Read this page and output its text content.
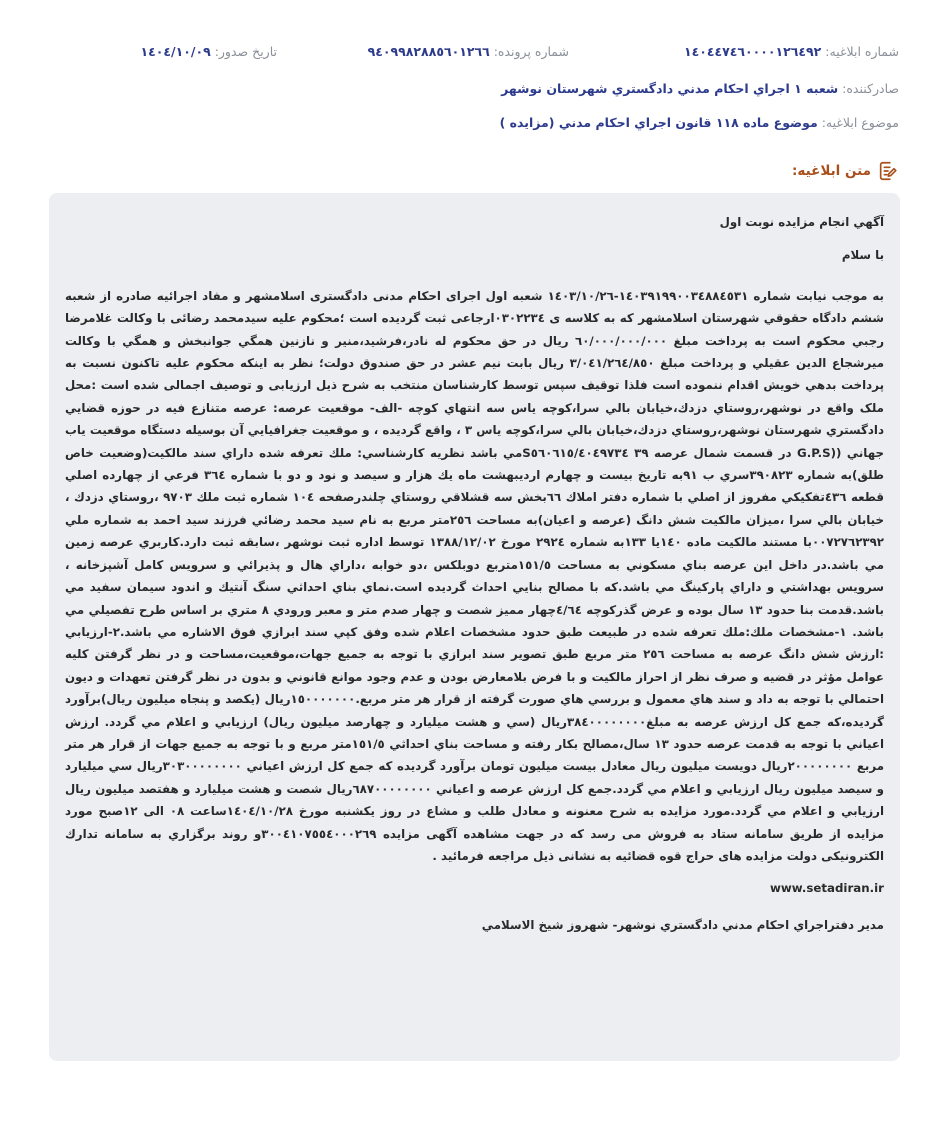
شماره ابلاغيه: ١٤٠٤٤٧٤٦٠٠٠٠١٢٦٤٩٢
شماره پرونده: ٩٤٠٩٩٨٢٨٨٥٦٠١٢٦٦
تاريخ صدور: ١٤٠٤/١٠/٠٩
صادرکننده: شعبه ١ اجراي احكام مدني دادگستري شهرستان نوشهر
موضوع ابلاغيه: موضوع ماده ١١٨ قانون اجراي احكام مدني (مزايده )
متن ابلاغيه:

آگهي انجام مزايده نوبت اول

با سلام

به موجب نيابت شماره ١٤٠٣٩١٩٩٠٠٣٤٨٨٤٥٣١-١٤٠٣/١٠/٢٦ شعبه اول اجراى احكام مدنى دادگسترى اسلامشهر و مفاد اجرائيه صادره از شعبه ششم دادگاه حقوقي شهرستان اسلامشهر كه به كلاسه ى ٠٣٠٢٢٣٤ارجاعى ثبت گرديده است ؛محكوم عليه سيدمحمد رضائى با وكالت غلامرضا رجبي محكوم است به پرداخت مبلغ ٦٠/٠٠٠/٠٠٠/٠٠٠ ريال در حق محكوم له نادر،فرشيد،منير و نازنين همگي جوانبخش و همگي با وكالت ميرشجاع الدين عقيلي و پرداخت مبلغ ٣/٠٤١/٢٦٤/٨٥٠ ريال بابت نيم عشر در حق صندوق دولت؛ نظر به اينكه محكوم عليه تاكنون نسبت به پرداخت بدهي خويش اقدام ننموده است فلذا توقيف سپس توسط كارشناسان منتخب به شرح ذيل ارزيابى و توصيف اجمالى شده است :محل ملک واقع در نوشهر،روستاي دزدك،خيابان بالي سرا،كوچه ياس سه انتهاي كوچه -الف- موقعيت عرصه: عرصه متنازع فيه در حوزه قضايي دادگستري شهرستان نوشهر،روستاي دزدك،خيابان بالي سرا،كوچه ياس ٣ ، واقع گرديده ، و موقعيت جغرافيايي آن بوسيله دستگاه موقعيت ياب جهاني ((G.P.S در قسمت شمال عرصه ٣٩ S٥٦٠٦١٥/٤٠٤٩٧٣٤مي باشد نظريه كارشناسي: ملك تعرفه شده داراي سند مالكيت(وضعيت خاص طلق)به شماره ٣٩٠٨٢٣سري ب ٩١به تاريخ بيست و چهارم ارديبهشت ماه يك هزار و سيصد و نود و دو با شماره ٣٦٤ فرعي از چهارده اصلي قطعه ٤٣٦تفكيكي مفروز از اصلي با شماره دفتر املاك ٦٦بخش سه قشلاقي روستاي چلندرصفحه ١٠٤ شماره ثبت ملك ٩٧٠٣ ،روستاي دزدك ، خيابان بالي سرا ،ميزان مالكيت شش دانگ (عرصه و اعيان)به مساحت ٢٥٦متر مربع به نام سيد محمد رضائي فرزند سيد احمد به شماره ملي ٠٠٧٢٧٦٢٣٩٢با مستند مالكيت ماده ١٤٠يا ١٣٣به شماره ٢٩٢٤ مورخ ١٣٨٨/١٢/٠٢ توسط اداره ثبت نوشهر ،سابقه ثبت دارد.كاربري عرصه زمين مي باشد.در داخل اين عرصه بناي مسكوني به مساحت ١٥١/٥متربع دوبلكس ،دو خوابه ،داراي هال و پذيرائي و سرويس كامل آشپزخانه ، سرويس بهداشتي و داراي پاركينگ مي باشد.كه با مصالح بنايي احداث گرديده است.نماي بناي احداثي سنگ آنتيك و اندود سيمان سفيد مي باشد.قدمت بنا حدود ١٣ سال بوده و عرض گذركوچه ٤/٦٤چهار مميز شصت و چهار صدم متر و معبر ورودي ٨ متري بر اساس طرح تفصيلي مي باشد. ١-مشخصات ملك:ملك تعرفه شده در طبيعت طبق حدود مشخصات اعلام شده وفق كپي سند ابرازي فوق الاشاره مي باشد.٢-ارزيابي :ارزش شش دانگ عرصه به مساحت ٢٥٦ متر مربع طبق تصوير سند ابرازي با توجه به جميع جهات،موقعيت،مساحت و در نظر گرفتن كليه عوامل مؤثر در قضيه و صرف نظر از احراز مالكيت و با فرض بلامعارض بودن و عدم وجود موانع قانوني و بدون در نظر گرفتن تعهدات و ديون احتمالي با توجه به داد و سند هاي معمول و بررسي هاي صورت گرفته از قرار هر متر مربع.١٥٠٠٠٠٠٠٠ريال (يكصد و پنجاه ميليون ريال)برآورد گرديده،كه جمع كل ارزش عرصه به مبلغ٣٨٤٠٠٠٠٠٠٠٠ريال (سي و هشت ميليارد و چهارصد ميليون ريال) ارزيابي و اعلام مي گردد. ارزش اعياني با توجه به قدمت عرصه حدود ١٣ سال،مصالح بكار رفته و مساحت بناي احداثي ١٥١/٥متر مربع و با توجه به جميع جهات از قرار هر متر مربع ٢٠٠٠٠٠٠٠٠ريال دويست ميليون ريال معادل بيست ميليون تومان برآورد گرديده كه جمع كل ارزش اعياني ٣٠٣٠٠٠٠٠٠٠٠ريال سي ميليارد و سيصد ميليون ريال ارزيابي و اعلام مي گردد.جمع كل ارزش عرصه و اعياني ٦٨٧٠٠٠٠٠٠٠٠ريال شصت و هشت ميليارد و هفتصد ميليون ريال ارزيابي و اعلام مي گردد.مورد مزايده به شرح معنونه و معادل طلب و مشاع در روز يكشنبه مورخ ١٤٠٤/١٠/٢٨ساعت ٠٨ الى ١٢صبح مورد مزايده از طريق سامانه ستاد به فروش مى رسد كه در جهت مشاهده آگهى مزايده ٣٠٠٤١٠٧٥٥٤٠٠٠٢٦٩و روند برگزاري به سامانه تدارك الكترونيكى دولت مزايده هاى حراج قوه قضائيه به نشانى ذيل مراجعه فرمائيد .

www.setadiran.ir

مدير دفتراجراي احكام مدني دادگستري نوشهر- شهروز شيخ الاسلامي
